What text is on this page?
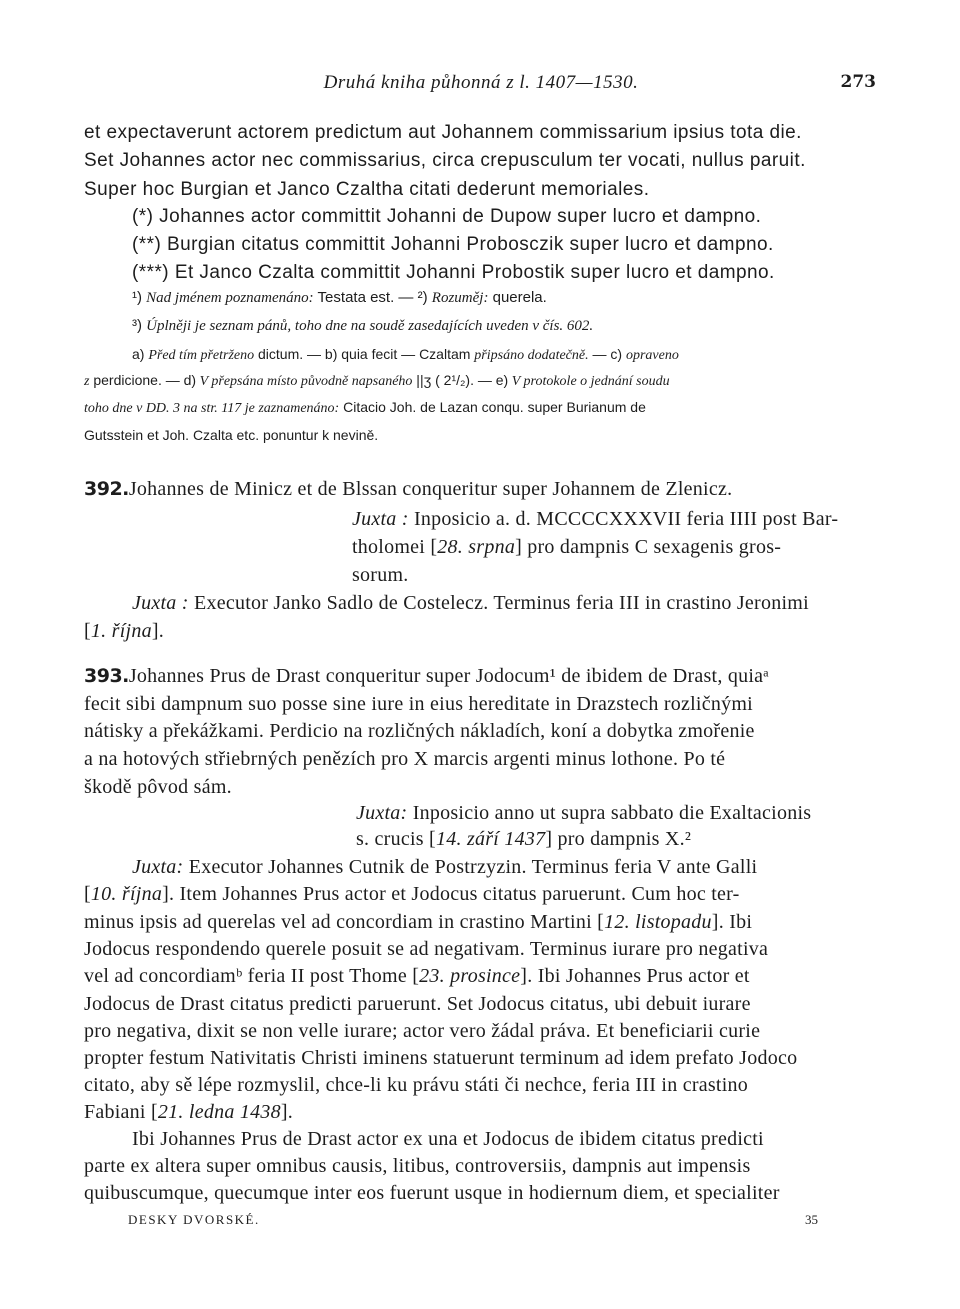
Druhá kniha půhonná z l. 1407—1530.	273
et expectaverunt actorem predictum aut Johannem commissarium ipsius tota die.
Set Johannes actor nec commissarius, circa crepusculum ter vocati, nullus paruit.
Super hoc Burgian et Janco Czaltha citati dederunt memoriales.
(*) Johannes actor committit Johanni de Dupow super lucro et dampno.
(**) Burgian citatus committit Johanni Probosczik super lucro et dampno.
(***) Et Janco Czalta committit Johanni Probostik super lucro et dampno.
¹) Nad jménem poznamenáno: Testata est. — ²) Rozuměj: querela.
³) Úplněji je seznam pánů, toho dne na soudě zasedajících uveden v čís. 602.
a) Před tím přetrženo dictum. — b) quia fecit — Czaltam připsáno dodatečně. — c) opraveno
z perdicione. — d) V přepsána místo původně napsaného ||ʒ ( 2¹/₂). — e) V protokole o jednání soudu
toho dne v DD. 3 na str. 117 je zaznamenáno: Citacio Joh. de Lazan conqu. super Burianum de
Gutsstein et Joh. Czalta etc. ponuntur k nevině.
392.Johannes de Minicz et de Blssan conqueritur super Johannem de Zlenicz.
Juxta : Inposicio a. d. MCCCCXXXVII feria IIII post Bar-
tholomei [28. srpna] pro dampnis C sexagenis gros-
sorum.
Juxta : Executor Janko Sadlo de Costelecz. Terminus feria III in crastino Jeronimi
[1. října].
393.Johannes Prus de Drast conqueritur super Jodocum¹ de ibidem de Drast, quiaᵃ
fecit sibi dampnum suo posse sine iure in eius hereditate in Drazstech rozličnými
nátisky a překážkami. Perdicio na rozličných nákladích, koní a dobytka zmořenie
a na hotových střiebrných penězích pro X marcis argenti minus lothone. Po té
škodě pôvod sám.
Juxta: Inposicio anno ut supra sabbato die Exaltacionis
s. crucis [14. září 1437] pro dampnis X.²
Juxta: Executor Johannes Cutnik de Postrzyzin. Terminus feria V ante Galli
[10. října]. Item Johannes Prus actor et Jodocus citatus paruerunt. Cum hoc ter-
minus ipsis ad querelas vel ad concordiam in crastino Martini [12. listopadu]. Ibi
Jodocus respondendo querele posuit se ad negativam. Terminus iurare pro negativa
vel ad concordiamᵇ feria II post Thome [23. prosince]. Ibi Johannes Prus actor et
Jodocus de Drast citatus predicti paruerunt. Set Jodocus citatus, ubi debuit iurare
pro negativa, dixit se non velle iurare; actor vero žádal práva. Et beneficiarii curie
propter festum Nativitatis Christi iminens statuerunt terminum ad idem prefato Jodoco
citato, aby sě lépe rozmyslil, chce-li ku právu státi či nechce, feria III in crastino
Fabiani [21. ledna 1438].
Ibi Johannes Prus de Drast actor ex una et Jodocus de ibidem citatus predicti
parte ex altera super omnibus causis, litibus, controversiis, dampnis aut impensis
quibuscumque, quecumque inter eos fuerunt usque in hodiernum diem, et specialiter
DESKY DVORSKÉ.	35
